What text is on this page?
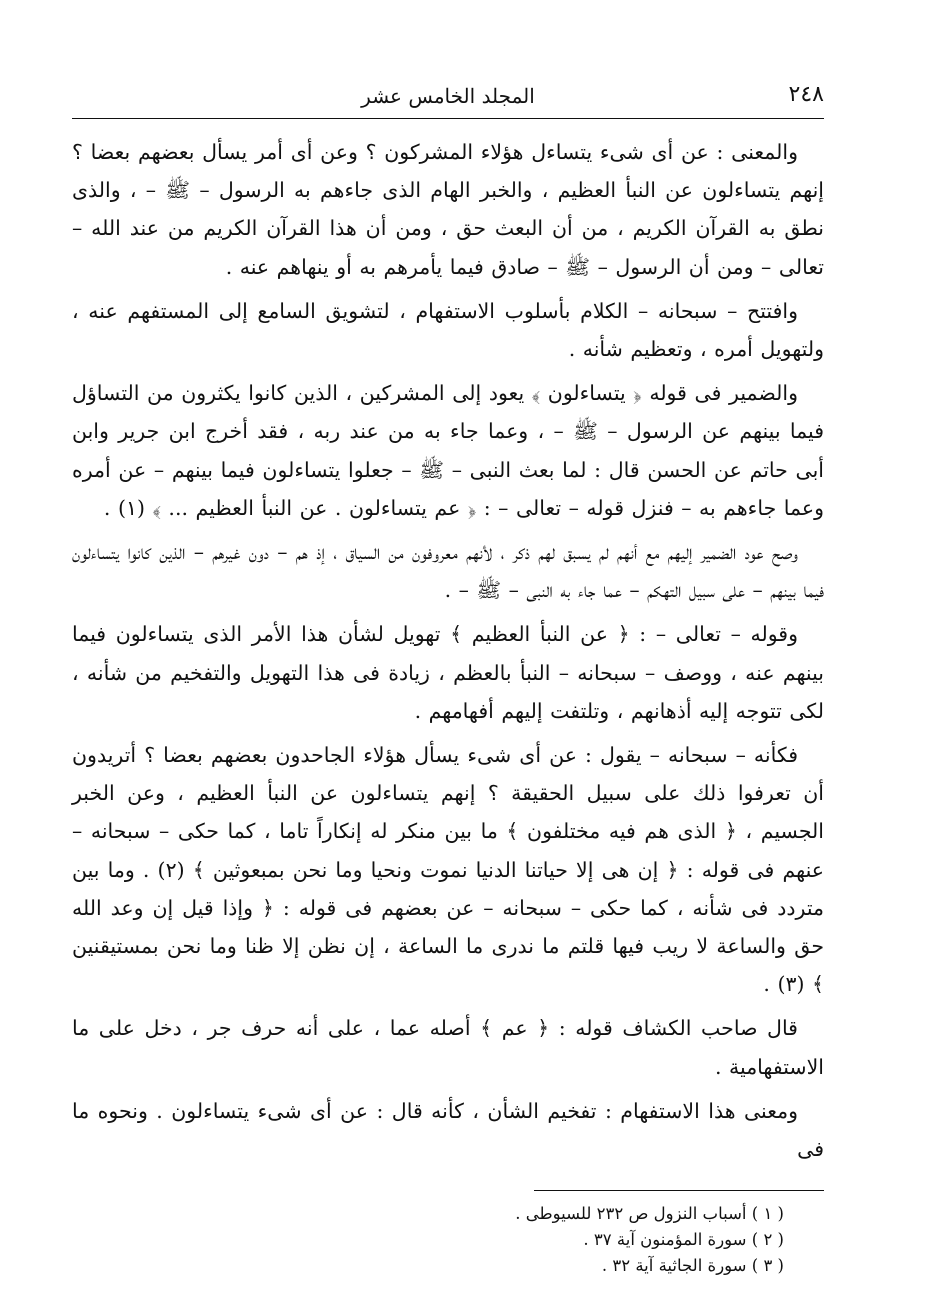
٢٤٨
المجلد الخامس عشر

والمعنى : عن أى شىء يتساءل هؤلاء المشركون ؟ وعن أى أمر يسأل بعضهم بعضا ؟ إنهم يتساءلون عن النبأ العظيم ، والخبر الهام الذى جاءهم به الرسول – ﷺ – ، والذى نطق به القرآن الكريم ، من أن البعث حق ، ومن أن هذا القرآن الكريم من عند الله – تعالى – ومن أن الرسول – ﷺ – صادق فيما يأمرهم به أو ينهاهم عنه .

وافتتح – سبحانه – الكلام بأسلوب الاستفهام ، لتشويق السامع إلى المستفهم عنه ، ولتهويل أمره ، وتعظيم شأنه .

والضمير فى قوله ﴿ يتساءلون ﴾ يعود إلى المشركين ، الذين كانوا يكثرون من التساؤل فيما بينهم عن الرسول – ﷺ – ، وعما جاء به من عند ربه ، فقد أخرج ابن جرير وابن أبى حاتم عن الحسن قال : لما بعث النبى – ﷺ – جعلوا يتساءلون فيما بينهم – عن أمره وعما جاءهم به – فنزل قوله – تعالى – : ﴿ عم يتساءلون . عن النبأ العظيم ... ﴾ (١) .

وصح عود الضمير إليهم مع أنهم لم يسبق لهم ذكر ، لأنهم معروفون من السياق ، إذ هم – دون غيرهم – الذين كانوا يتساءلون فيما بينهم – على سبيل التهكم – عما جاء به النبى – ﷺ – .

وقوله – تعالى – : ﴿ عن النبأ العظيم ﴾ تهويل لشأن هذا الأمر الذى يتساءلون فيما بينهم عنه ، ووصف – سبحانه – النبأ بالعظم ، زيادة فى هذا التهويل والتفخيم من شأنه ، لكى تتوجه إليه أذهانهم ، وتلتفت إليهم أفهامهم .

فكأنه – سبحانه – يقول : عن أى شىء يسأل هؤلاء الجاحدون بعضهم بعضا ؟ أتريدون أن تعرفوا ذلك على سبيل الحقيقة ؟ إنهم يتساءلون عن النبأ العظيم ، وعن الخبر الجسيم ، ﴿ الذى هم فيه مختلفون ﴾ ما بين منكر له إنكاراً تاما ، كما حكى – سبحانه – عنهم فى قوله : ﴿ إن هى إلا حياتنا الدنيا نموت ونحيا وما نحن بمبعوثين ﴾ (٢) . وما بين متردد فى شأنه ، كما حكى – سبحانه – عن بعضهم فى قوله : ﴿ وإذا قيل إن وعد الله حق والساعة لا ريب فيها قلتم ما ندرى ما الساعة ، إن نظن إلا ظنا وما نحن بمستيقنين ﴾ (٣) .

قال صاحب الكشاف قوله : ﴿ عم ﴾ أصله عما ، على أنه حرف جر ، دخل على ما الاستفهامية .

ومعنى هذا الاستفهام : تفخيم الشأن ، كأنه قال : عن أى شىء يتساءلون . ونحوه ما فى

( ١ ) أسباب النزول ص ٢٣٢ للسيوطى .
( ٢ ) سورة المؤمنون آية ٣٧ .
( ٣ ) سورة الجاثية آية ٣٢ .
